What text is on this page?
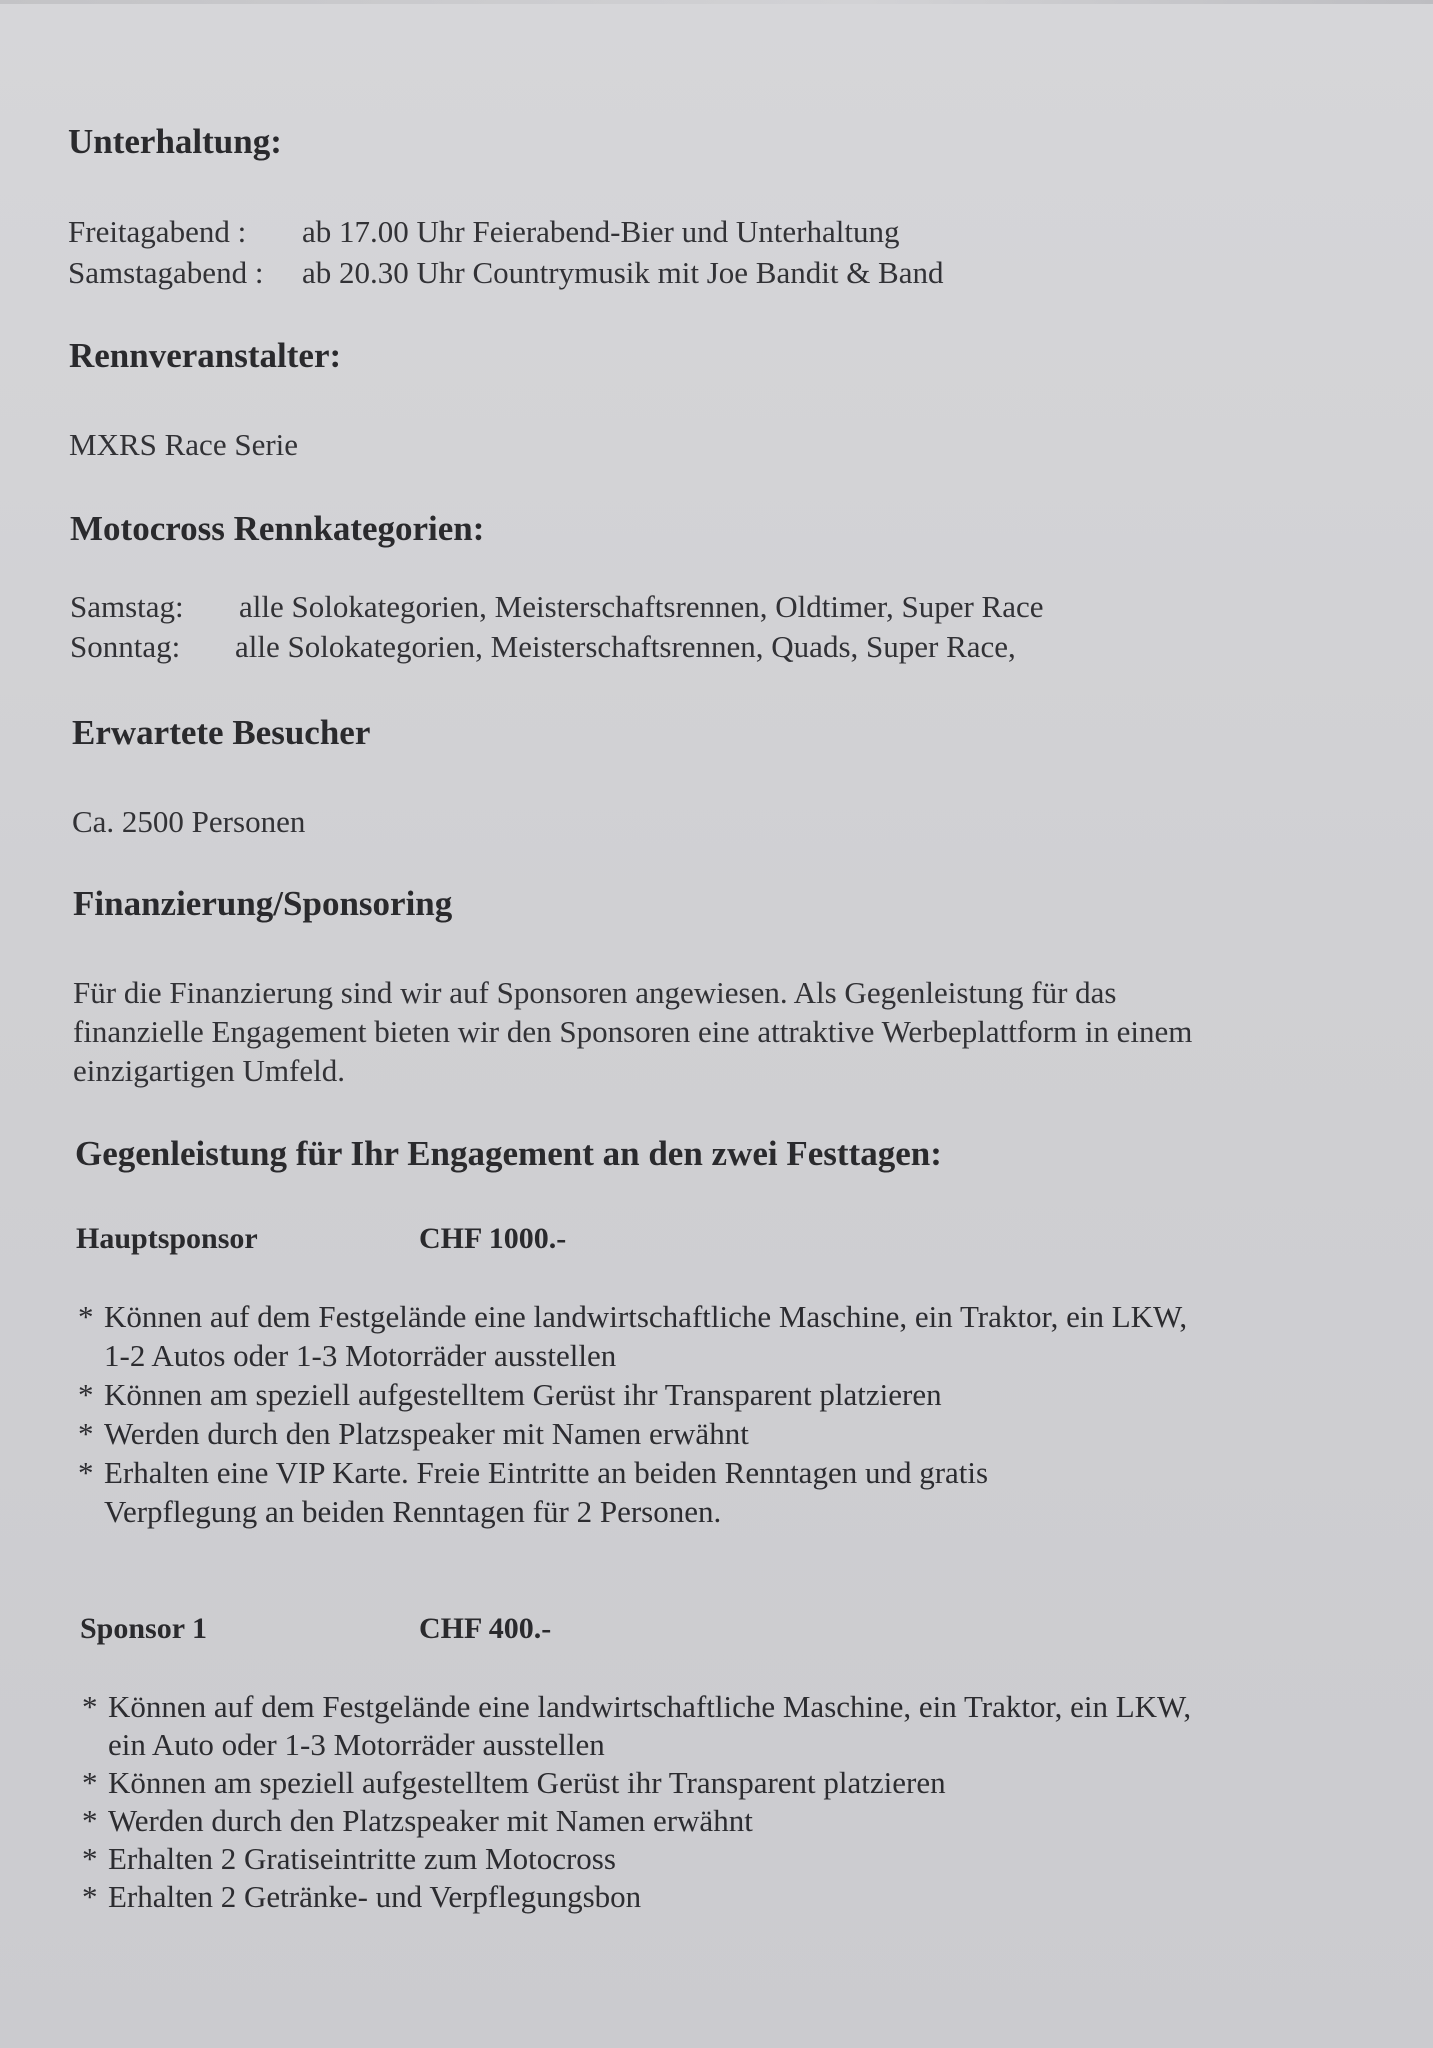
Unterhaltung:

Freitagabend : ab 17.00 Uhr Feierabend-Bier und Unterhaltung

Samstagabend : ab 20.30 Uhr Countrymusik mit Joe Bandit & Band

Rennveranstalter:

MXRS Race Serie

Motocross Rennkategorien:

Samstag: alle Solokategorien, Meisterschaftsrennen, Oldtimer, Super Race

Sonntag: alle Solokategorien, Meisterschaftsrennen, Quads, Super Race,

Erwartete Besucher

Ca. 2500 Personen

Finanzierung/Sponsoring

Für die Finanzierung sind wir auf Sponsoren angewiesen. Als Gegenleistung für das

finanzielle Engagement bieten wir den Sponsoren eine attraktive Werbeplattform in einem

einzigartigen Umfeld.

Gegenleistung für Ihr Engagement an den zwei Festtagen:

Hauptsponsor	CHF 1000.-

* Können auf dem Festgelände eine landwirtschaftliche Maschine, ein Traktor, ein LKW,

1-2 Autos oder 1-3 Motorräder ausstellen

* Können am speziell aufgestelltem Gerüst ihr Transparent platzieren
* Werden durch den Platzspeaker mit Namen erwähnt
* Erhalten eine VIP Karte. Freie Eintritte an beiden Renntagen und gratis

Verpflegung an beiden Renntagen für 2 Personen.

Sponsor 1	CHF 400.-

* Können auf dem Festgelände eine landwirtschaftliche Maschine, ein Traktor, ein LKW,

ein Auto oder 1-3 Motorräder ausstellen

* Können am speziell aufgestelltem Gerüst ihr Transparent platzieren
* Werden durch den Platzspeaker mit Namen erwähnt
* Erhalten 2 Gratiseintritte zum Motocross
* Erhalten 2 Getränke- und Verpflegungsbon
